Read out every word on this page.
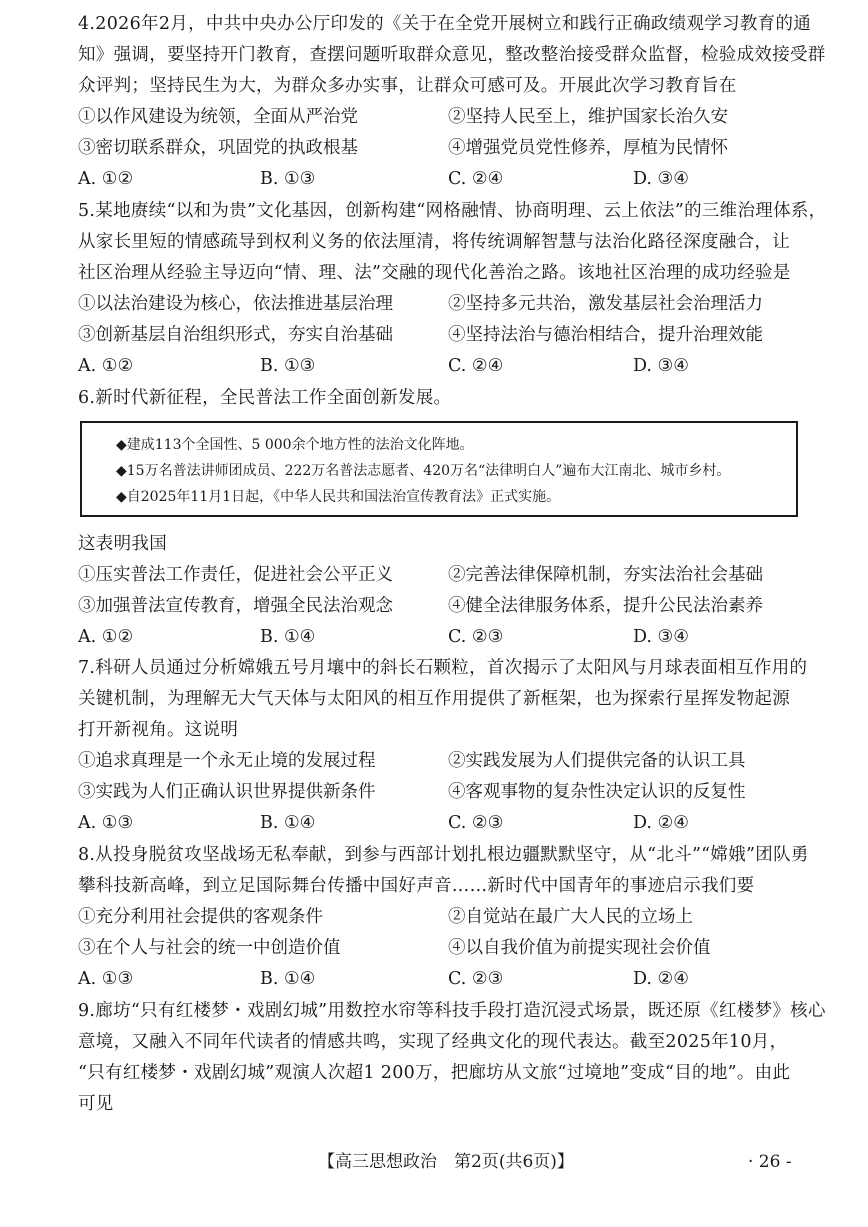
4.2026年2月，中共中央办公厅印发的《关于在全党开展树立和践行正确政绩观学习教育的通
知》强调，要坚持开门教育，查摆问题听取群众意见，整改整治接受群众监督，检验成效接受群
众评判；坚持民生为大，为群众多办实事，让群众可感可及。开展此次学习教育旨在
①以作风建设为统领，全面从严治党	②坚持人民至上，维护国家长治久安
③密切联系群众，巩固党的执政根基	④增强党员党性修养，厚植为民情怀
A. ①②	B. ①③	C. ②④	D. ③④
5.某地赓续“以和为贵”文化基因，创新构建“网格融情、协商明理、云上依法”的三维治理体系，
从家长里短的情感疏导到权利义务的依法厘清，将传统调解智慧与法治化路径深度融合，让
社区治理从经验主导迈向“情、理、法”交融的现代化善治之路。该地社区治理的成功经验是
①以法治建设为核心，依法推进基层治理	②坚持多元共治，激发基层社会治理活力
③创新基层自治组织形式，夯实自治基础	④坚持法治与德治相结合，提升治理效能
A. ①②	B. ①③	C. ②④	D. ③④
6.新时代新征程，全民普法工作全面创新发展。
◆建成113个全国性、5 000余个地方性的法治文化阵地。
◆15万名普法讲师团成员、222万名普法志愿者、420万名“法律明白人”遍布大江南北、城市乡村。
◆自2025年11月1日起，《中华人民共和国法治宣传教育法》正式实施。
这表明我国
①压实普法工作责任，促进社会公平正义	②完善法律保障机制，夯实法治社会基础
③加强普法宣传教育，增强全民法治观念	④健全法律服务体系，提升公民法治素养
A. ①②	B. ①④	C. ②③	D. ③④
7.科研人员通过分析嫦娥五号月壤中的斜长石颗粒，首次揭示了太阳风与月球表面相互作用的
关键机制，为理解无大气天体与太阳风的相互作用提供了新框架，也为探索行星挥发物起源
打开新视角。这说明
①追求真理是一个永无止境的发展过程	②实践发展为人们提供完备的认识工具
③实践为人们正确认识世界提供新条件	④客观事物的复杂性决定认识的反复性
A. ①③	B. ①④	C. ②③	D. ②④
8.从投身脱贫攻坚战场无私奉献，到参与西部计划扎根边疆默默坚守，从“北斗”“嫦娥”团队勇
攀科技新高峰，到立足国际舞台传播中国好声音……新时代中国青年的事迹启示我们要
①充分利用社会提供的客观条件	②自觉站在最广大人民的立场上
③在个人与社会的统一中创造价值	④以自我价值为前提实现社会价值
A. ①③	B. ①④	C. ②③	D. ②④
9.廊坊“只有红楼梦・戏剧幻城”用数控水帘等科技手段打造沉浸式场景，既还原《红楼梦》核心
意境，又融入不同年代读者的情感共鸣，实现了经典文化的现代表达。截至2025年10月，
“只有红楼梦・戏剧幻城”观演人次超1 200万，把廊坊从文旅“过境地”变成“目的地”。由此
可见
【高三思想政治　第2页(共6页)】	· 26 -
